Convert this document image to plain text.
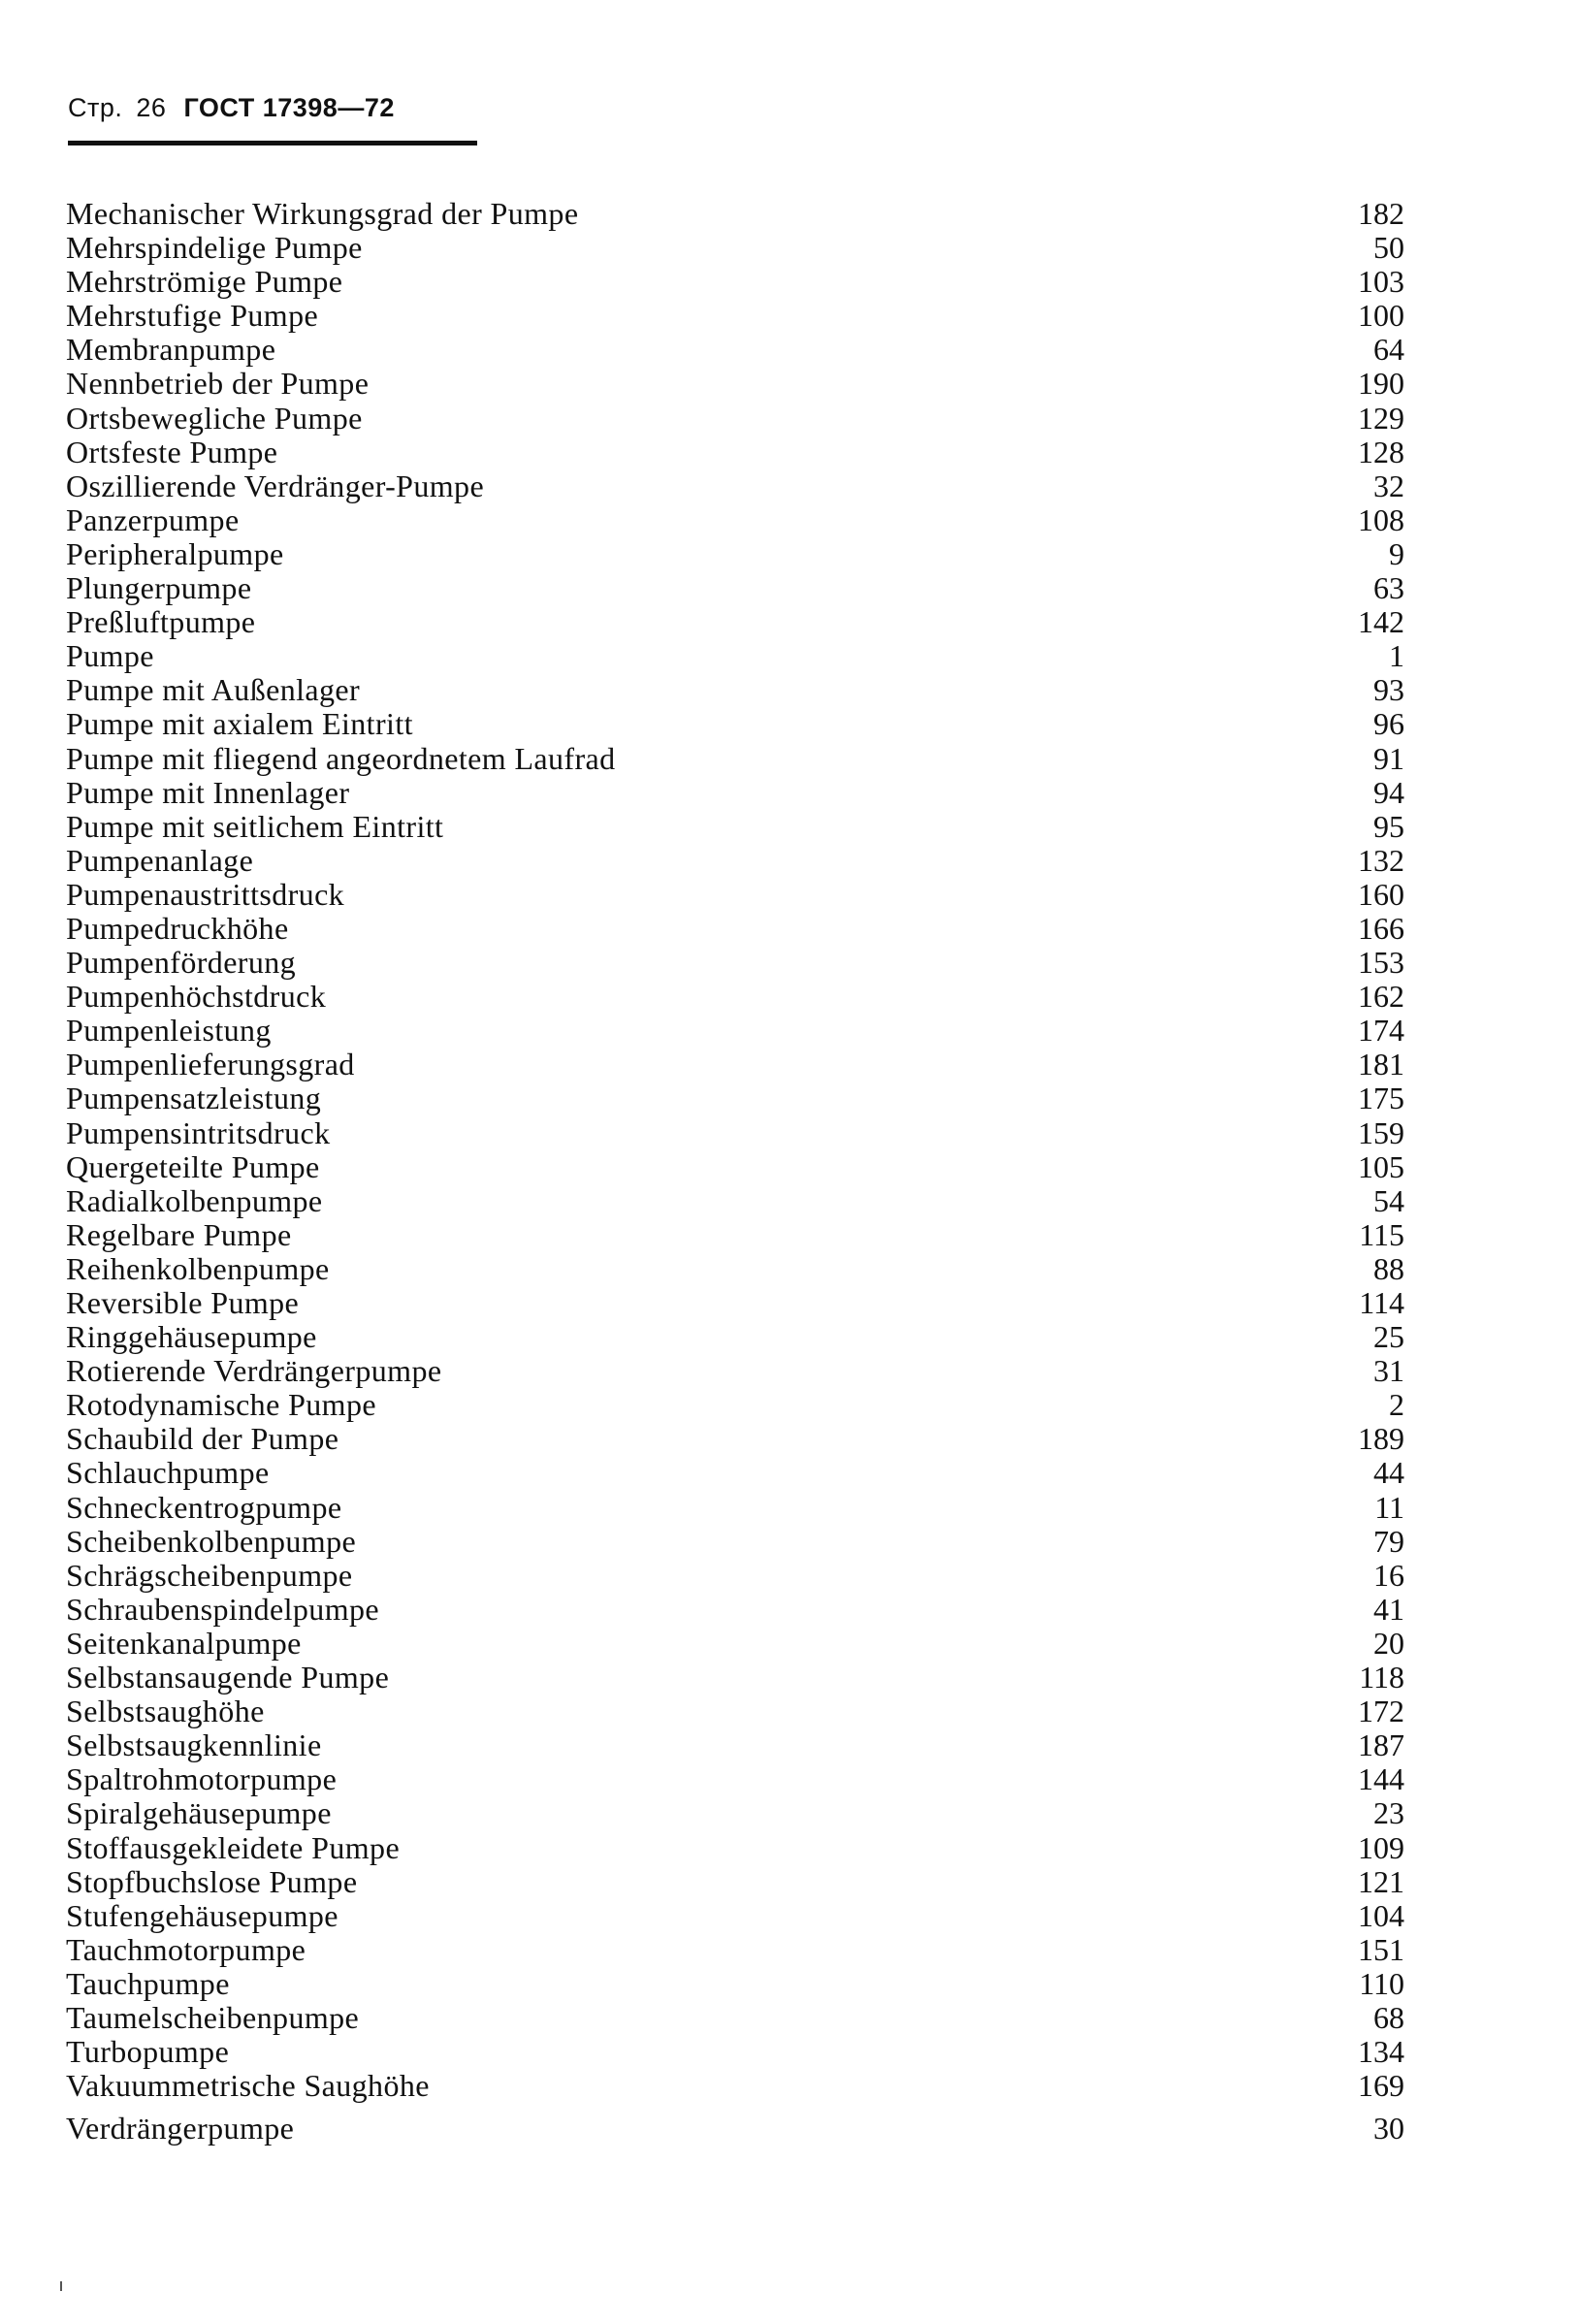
Стр. 26 ГОСТ 17398—72
Mechanischer Wirkungsgrad der Pumpe	182
Mehrspindelige Pumpe	50
Mehrströmige Pumpe	103
Mehrstufige Pumpe	100
Membranpumpe	64
Nennbetrieb der Pumpe	190
Ortsbewegliche Pumpe	129
Ortsfeste Pumpe	128
Oszillierende Verdränger-Pumpe	32
Panzerpumpe	108
Peripheralpumpe	9
Plungerpumpe	63
Preßluftpumpe	142
Pumpe	1
Pumpe mit Außenlager	93
Pumpe mit axialem Eintritt	96
Pumpe mit fliegend angeordnetem Laufrad	91
Pumpe mit Innenlager	94
Pumpe mit seitlichem Eintritt	95
Pumpenanlage	132
Pumpenaustrittsdruck	160
Pumpedruckhöhe	166
Pumpenförderung	153
Pumpenhöchstdruck	162
Pumpenleistung	174
Pumpenlieferungsgrad	181
Pumpensatzleistung	175
Pumpensintritsdruck	159
Quergeteilte Pumpe	105
Radialkolbenpumpe	54
Regelbare Pumpe	115
Reihenkolbenpumpe	88
Reversible Pumpe	114
Ringgehäusepumpe	25
Rotierende Verdrängerpumpe	31
Rotodynamische Pumpe	2
Schaubild der Pumpe	189
Schlauchpumpe	44
Schneckentrogpumpe	11
Scheibenkolbenpumpe	79
Schrägscheibenpumpe	16
Schraubenspindelpumpe	41
Seitenkanalpumpe	20
Selbstansaugende Pumpe	118
Selbstsaughöhe	172
Selbstsaugkennlinie	187
Spaltrohmotorpumpe	144
Spiralgehäusepumpe	23
Stoffausgekleidete Pumpe	109
Stopfbuchslose Pumpe	121
Stufengehäusepumpe	104
Tauchmotorpumpe	151
Tauchpumpe	110
Taumelscheibenpumpe	68
Turbopumpe	134
Vakuummetrische Saughöhe	169
Verdrängerpumpe	30
